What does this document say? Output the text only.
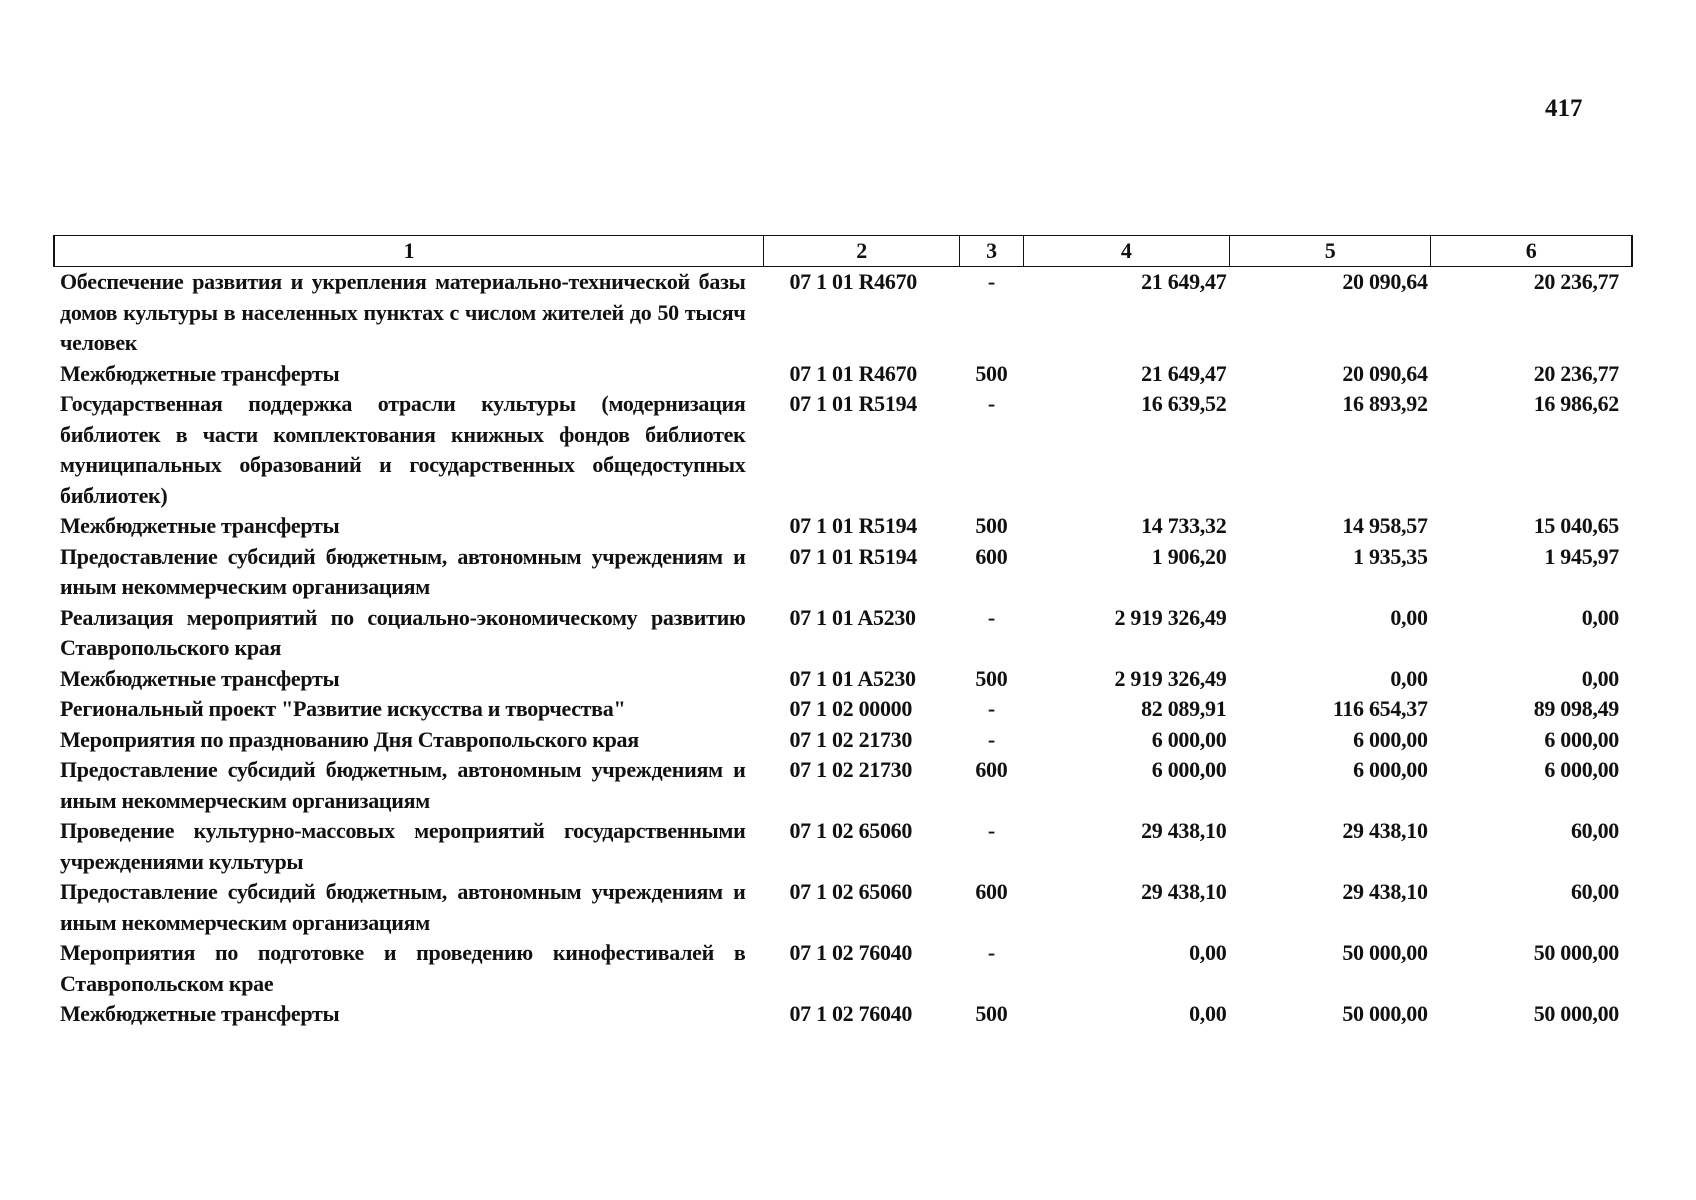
417
1	2	3	4	5	6
Обеспечение развития и укрепления материально-технической базы домов культуры в населенных пунктах с числом жителей до 50 тысяч человек	07 1 01 R4670	-	21 649,47	20 090,64	20 236,77
Межбюджетные трансферты	07 1 01 R4670	500	21 649,47	20 090,64	20 236,77
Государственная поддержка отрасли культуры (модернизация библиотек в части комплектования книжных фондов библиотек муниципальных образований и государственных общедоступных библиотек)	07 1 01 R5194	-	16 639,52	16 893,92	16 986,62
Межбюджетные трансферты	07 1 01 R5194	500	14 733,32	14 958,57	15 040,65
Предоставление субсидий бюджетным, автономным учреждениям и иным некоммерческим организациям	07 1 01 R5194	600	1 906,20	1 935,35	1 945,97
Реализация мероприятий по социально-экономическому развитию Ставропольского края	07 1 01 A5230	-	2 919 326,49	0,00	0,00
Межбюджетные трансферты	07 1 01 A5230	500	2 919 326,49	0,00	0,00
Региональный проект "Развитие искусства и творчества"	07 1 02 00000	-	82 089,91	116 654,37	89 098,49
Мероприятия по празднованию Дня Ставропольского края	07 1 02 21730	-	6 000,00	6 000,00	6 000,00
Предоставление субсидий бюджетным, автономным учреждениям и иным некоммерческим организациям	07 1 02 21730	600	6 000,00	6 000,00	6 000,00
Проведение культурно-массовых мероприятий государственными учреждениями культуры	07 1 02 65060	-	29 438,10	29 438,10	60,00
Предоставление субсидий бюджетным, автономным учреждениям и иным некоммерческим организациям	07 1 02 65060	600	29 438,10	29 438,10	60,00
Мероприятия по подготовке и проведению кинофестивалей в Ставропольском крае	07 1 02 76040	-	0,00	50 000,00	50 000,00
Межбюджетные трансферты	07 1 02 76040	500	0,00	50 000,00	50 000,00
